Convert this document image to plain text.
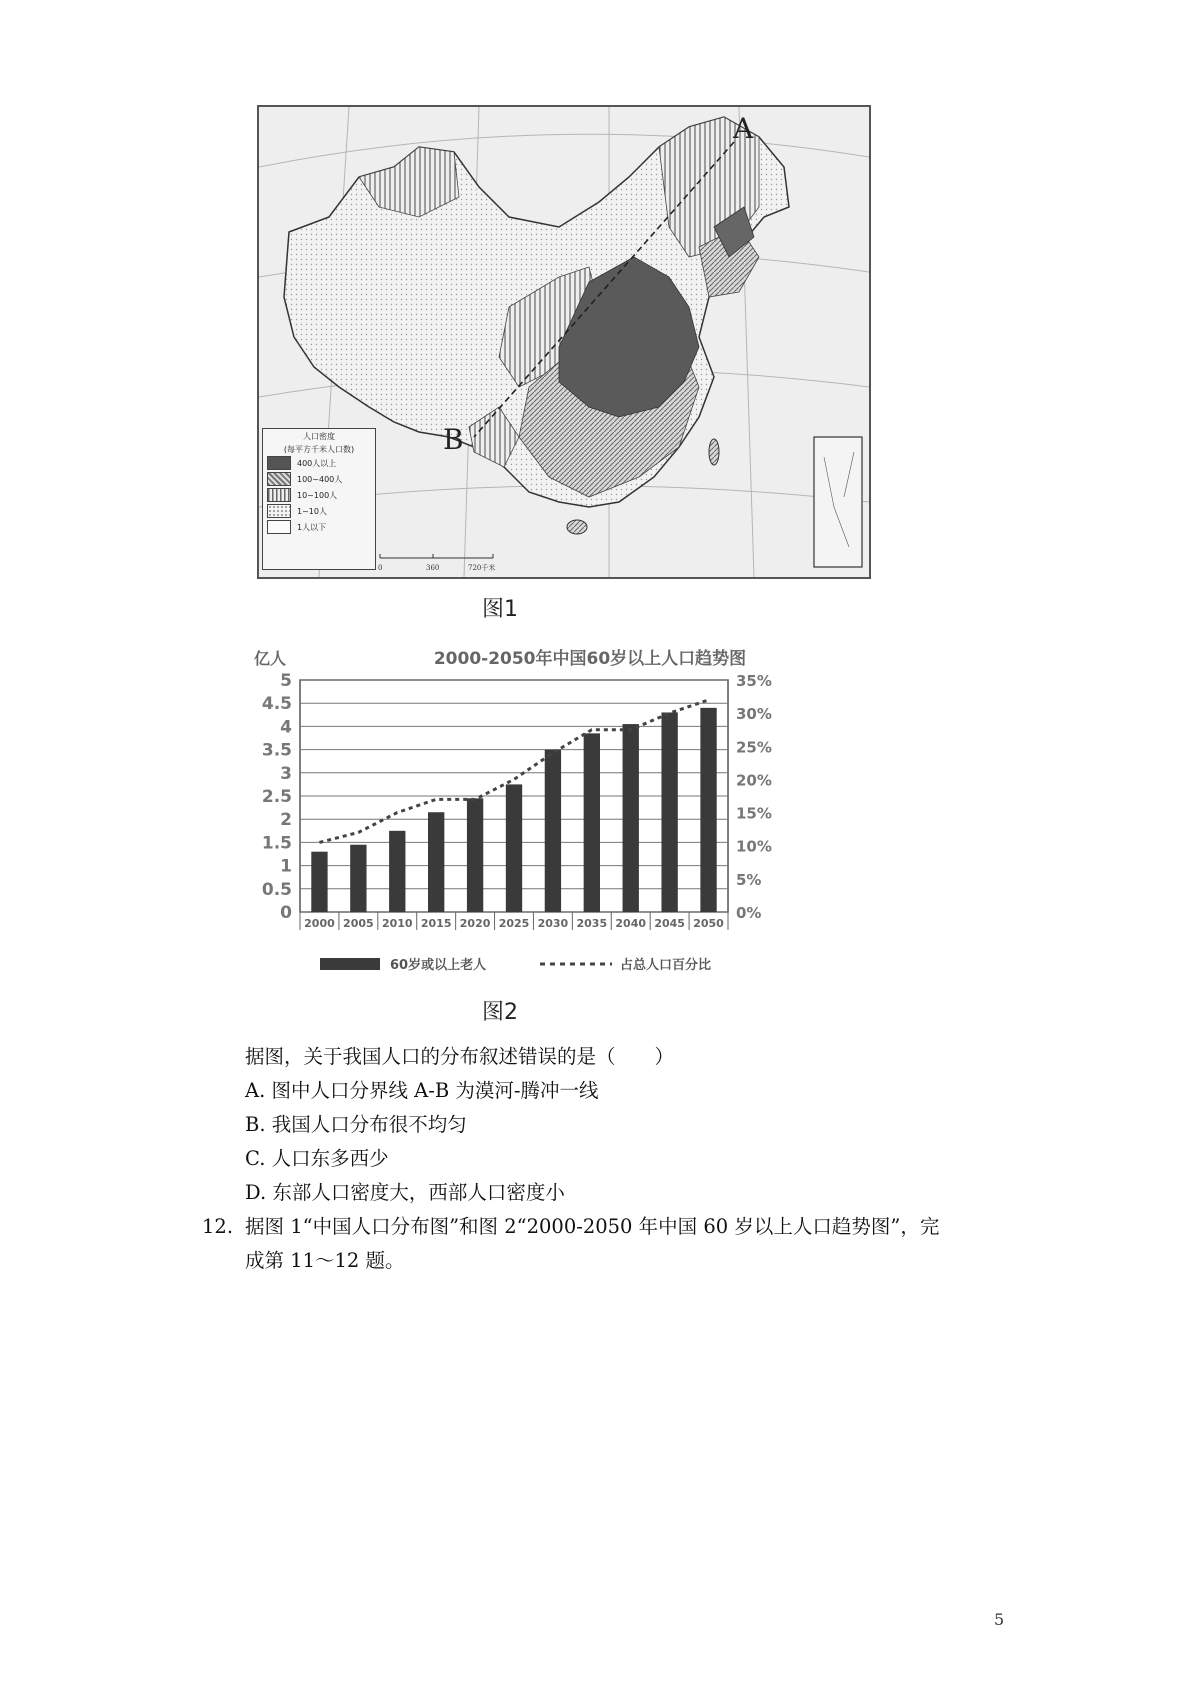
A
B
人口密度
(每平方千米人口数)
400人以上
100~400人
10~100人
1~10人
1人以下
0	360	720千米
图1
亿人	2000-2050年中国60岁以上人口趋势图
0
0.5
1
1.5
2
2.5
3
3.5
4
4.5
5
0%
5%
10%
15%
20%
25%
30%
35%
2000 2005 2010 2015 2020 2025 2030 2035 2040 2045 2050
60岁或以上老人	占总人口百分比
图2
据图，关于我国人口的分布叙述错误的是（　　）
A. 图中人口分界线 A-B 为漠河-腾冲一线
B. 我国人口分布很不均匀
C. 人口东多西少
D. 东部人口密度大，西部人口密度小
12. 据图 1“中国人口分布图”和图 2“2000-2050 年中国 60 岁以上人口趋势图”，完
成第 11～12 题。
5
